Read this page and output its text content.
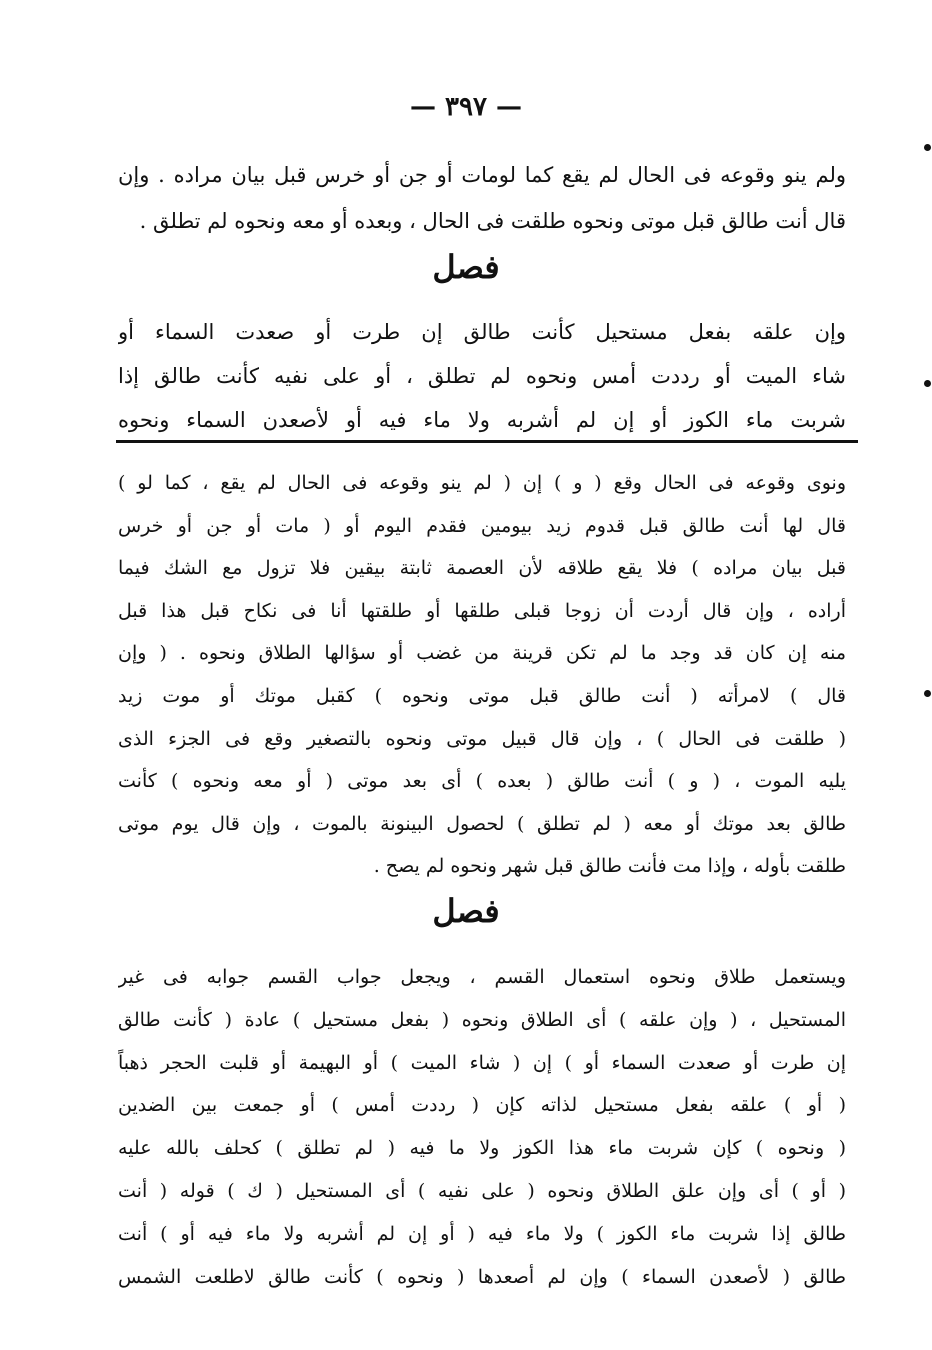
— ٣٩٧ —
ولم ينو وقوعه فى الحال لم يقع كما لومات أو جن أو خرس قبل بيان مراده . وإن
قال أنت طالق قبل موتى ونحوه طلقت فى الحال ، وبعده أو معه ونحوه لم تطلق .
فصل
وإن علقه بفعل مستحيل كأنت طالق إن طرت أو صعدت السماء أو
شاء الميت أو رددت أمس ونحوه لم تطلق ، أو على نفيه كأنت طالق إذا
شربت ماء الكوز أو إن لم أشربه ولا ماء فيه أو لأصعدن السماء ونحوه
ونوى وقوعه فى الحال وقع ( و ) إن ( لم ينو وقوعه فى الحال لم يقع ، كما لو )
قال لها أنت طالق قبل قدوم زيد بيومين فقدم اليوم أو ( مات أو جن أو خرس
قبل بيان مراده ) فلا يقع طلاقه لأن العصمة ثابتة بيقين فلا تزول مع الشك فيما
أراده ، وإن قال أردت أن زوجا قبلى طلقها أو طلقتها أنا فى نكاح قبل هذا قبل
منه إن كان قد وجد ما لم تكن قرينة من غضب أو سؤالها الطلاق ونحوه . ( وإن
قال ) لامرأته ( أنت طالق قبل موتى ونحوه ) كقبل موتك أو موت زيد
( طلقت فى الحال ) ، وإن قال قبيل موتى ونحوه بالتصغير وقع فى الجزء الذى
يليه الموت ، ( و ) أنت طالق ( بعده ) أى بعد موتى ( أو معه ونحوه ) كأنت
طالق بعد موتك أو معه ( لم تطلق ) لحصول البينونة بالموت ، وإن قال يوم موتى
طلقت بأوله ، وإذا مت فأنت طالق قبل شهر ونحوه لم يصح .
فصل
ويستعمل طلاق ونحوه استعمال القسم ، ويجعل جواب القسم جوابه فى غير
المستحيل ، ( وإن علقه ) أى الطلاق ونحوه ( بفعل مستحيل ) عادة ( كأنت طالق
إن طرت أو صعدت السماء أو ) إن ( شاء الميت ) أو البهيمة أو قلبت الحجر ذهباً
( أو ) علقه بفعل مستحيل لذاته كإن ( رددت أمس ) أو جمعت بين الضدين
( ونحوه ) كإن شربت ماء هذا الكوز ولا ما فيه ( لم تطلق ) كحلف بالله عليه
( أو ) أى وإن علق الطلاق ونحوه ( على نفيه ) أى المستحيل ( ك ) قوله ( أنت
طالق إذا شربت ماء الكوز ) ولا ماء فيه ( أو إن لم أشربه ولا ماء فيه أو ) أنت
طالق ( لأصعدن السماء ) وإن لم أصعدها ( ونحوه ) كأنت طالق لاطلعت الشمس
